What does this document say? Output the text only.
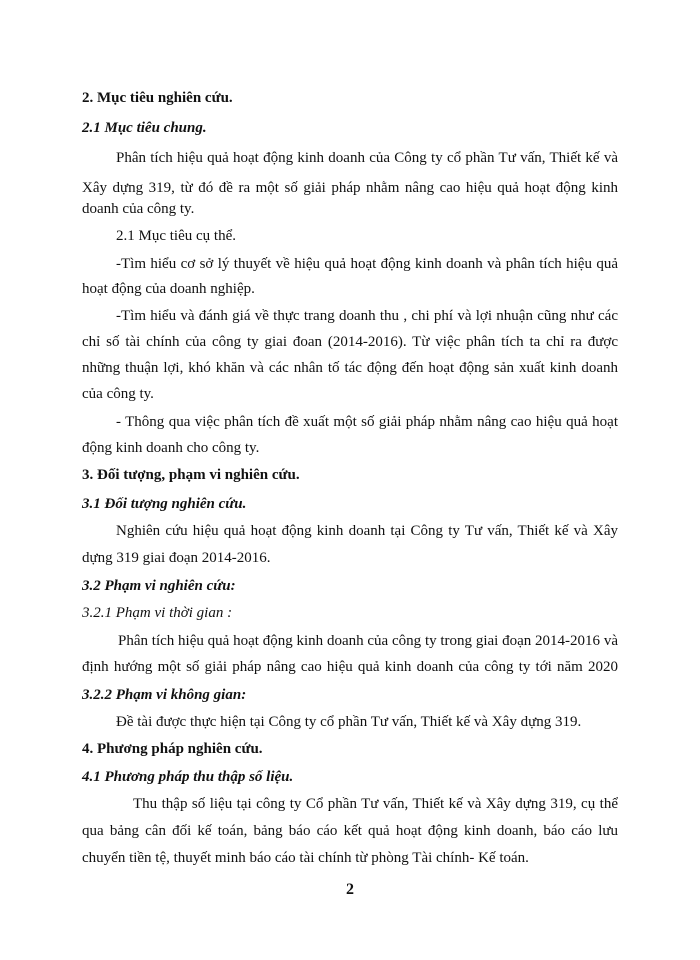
2. Mục tiêu nghiên cứu.
2.1 Mục tiêu chung.
Phân tích hiệu quả hoạt động kinh doanh của Công ty cổ phần Tư vấn, Thiết kế và
Xây dựng 319, từ đó đề ra một số giải pháp nhằm nâng cao hiệu quả hoạt động kinh
doanh của công ty.
2.1 Mục tiêu cụ thể.
-Tìm hiểu cơ sở lý thuyết về hiệu quả hoạt động kinh doanh và phân tích hiệu quả
hoạt động của doanh nghiệp.
-Tìm hiểu và đánh giá về thực trang doanh thu , chi phí và lợi nhuận cũng như các
chỉ số tài chính của công ty giai đoan (2014-2016). Từ việc phân tích ta chỉ ra được
những thuận lợi, khó khăn và các nhân tố tác động đến hoạt động sản xuất kinh doanh
của công ty.
- Thông qua việc phân tích đề xuất một số giải pháp nhằm nâng cao hiệu quả hoạt
động kinh doanh cho công ty.
3. Đối tượng, phạm vi nghiên cứu.
3.1 Đối tượng nghiên cứu.
Nghiên cứu hiệu quả hoạt động kinh doanh tại Công ty Tư vấn, Thiết kế và Xây
dựng 319 giai đoạn 2014-2016.
3.2 Phạm vi nghiên cứu:
3.2.1 Phạm vi thời gian :
Phân tích hiệu quả hoạt động kinh doanh của công ty trong giai đoạn 2014-2016 và
định hướng một số giải pháp nâng cao hiệu quả kinh doanh của công ty tới năm 2020
3.2.2 Phạm vi không gian:
Đề tài được thực hiện tại Công ty cổ phần Tư vấn, Thiết kế và Xây dựng 319.
4. Phương pháp nghiên cứu.
4.1 Phương pháp thu thập số liệu.
Thu thập số liệu tại công ty Cổ phần Tư vấn, Thiết kế và Xây dựng 319, cụ thể
qua bảng cân đối kế toán, bảng báo cáo kết quả hoạt động kinh doanh, báo cáo lưu
chuyển tiền tệ, thuyết minh báo cáo tài chính từ phòng Tài chính- Kế toán.
2
